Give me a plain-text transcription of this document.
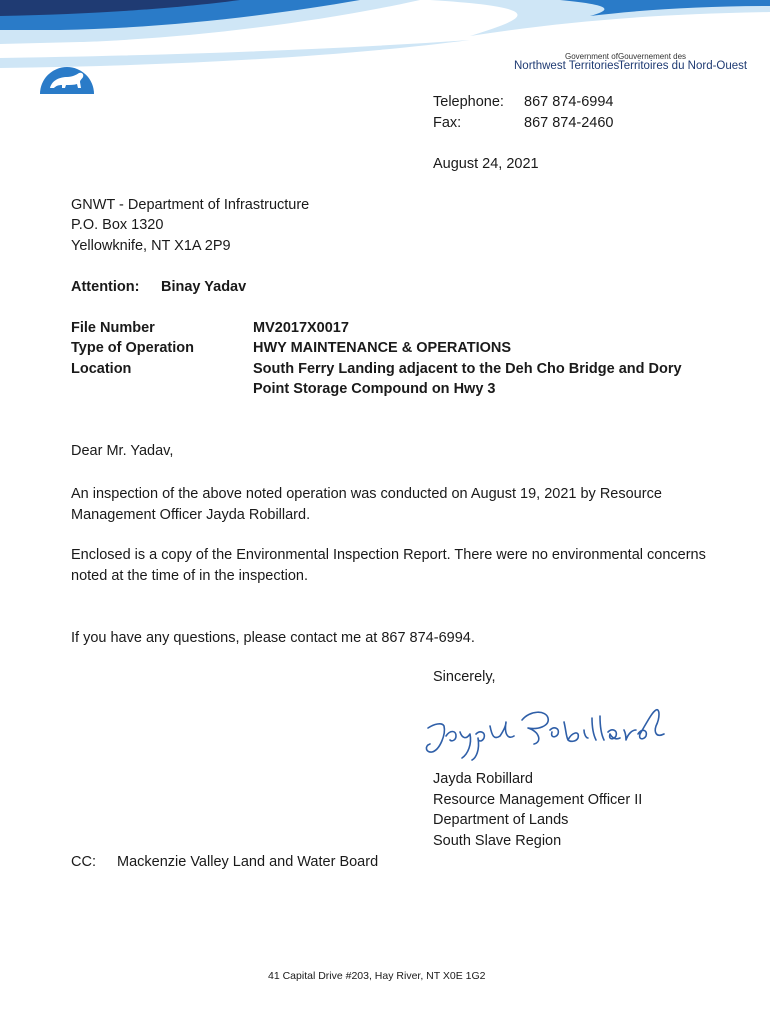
Government of Gouvernement des
Northwest Territories
Territoires du Nord-Ouest
Telephone: 867 874-6994
Fax:	867 874-2460
August 24, 2021
GNWT - Department of Infrastructure
P.O. Box 1320
Yellowknife, NT X1A 2P9
Attention: Binay Yadav
File Number	MV2017X0017
Type of Operation	HWY MAINTENANCE & OPERATIONS
Location	South Ferry Landing adjacent to the Deh Cho Bridge and Dory
Point Storage Compound on Hwy 3
Dear Mr. Yadav,
An inspection of the above noted operation was conducted on August 19, 2021 by Resource Management Officer Jayda Robillard.
Enclosed is a copy of the Environmental Inspection Report. There were no environmental concerns noted at the time of in the inspection.
If you have any questions, please contact me at 867 874-6994.
Sincerely,
Jayda Robillard
Resource Management Officer II
Department of Lands
South Slave Region
CC: Mackenzie Valley Land and Water Board
41 Capital Drive #203, Hay River, NT X0E 1G2
